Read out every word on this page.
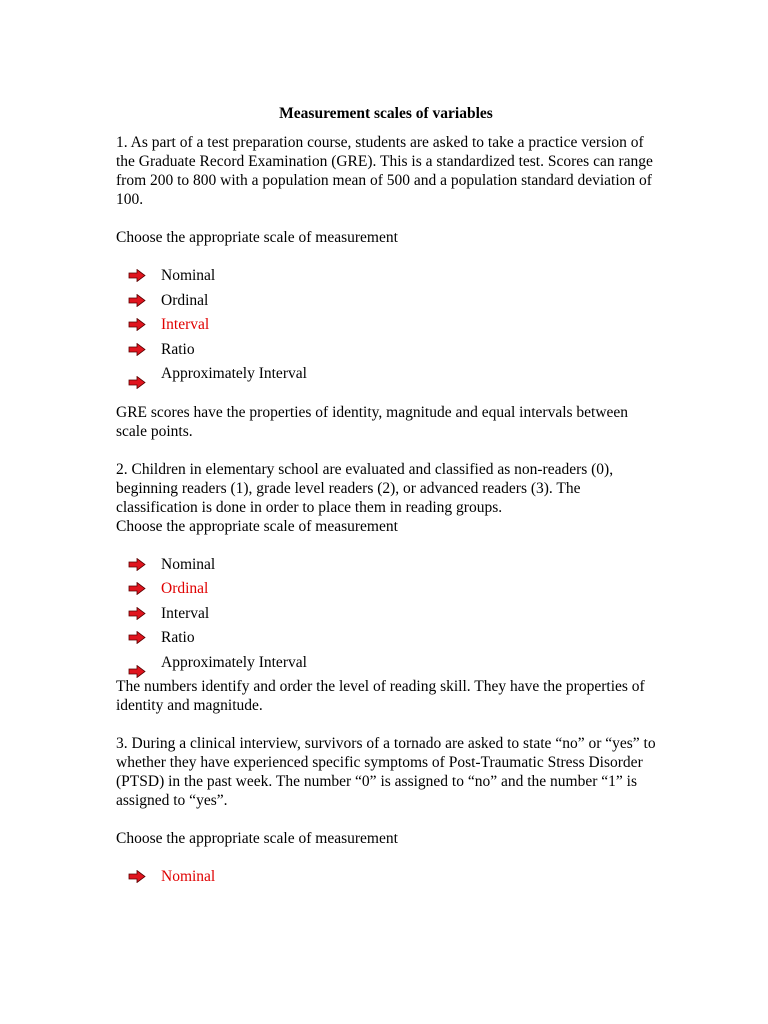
Measurement scales of variables

1. As part of a test preparation course, students are asked to take a practice version of the Graduate Record Examination (GRE). This is a standardized test. Scores can range from 200 to 800 with a population mean of 500 and a population standard deviation of 100.

Choose the appropriate scale of measurement

Nominal
Ordinal
Interval
Ratio
Approximately Interval

GRE scores have the properties of identity, magnitude and equal intervals between scale points.

2. Children in elementary school are evaluated and classified as non-readers (0), beginning readers (1), grade level readers (2), or advanced readers (3). The classification is done in order to place them in reading groups.

Choose the appropriate scale of measurement

Nominal
Ordinal
Interval
Ratio
Approximately Interval

The numbers identify and order the level of reading skill. They have the properties of identity and magnitude.

3. During a clinical interview, survivors of a tornado are asked to state “no” or “yes” to whether they have experienced specific symptoms of Post-Traumatic Stress Disorder (PTSD) in the past week. The number “0” is assigned to “no” and the number “1” is assigned to “yes”.

Choose the appropriate scale of measurement

Nominal
